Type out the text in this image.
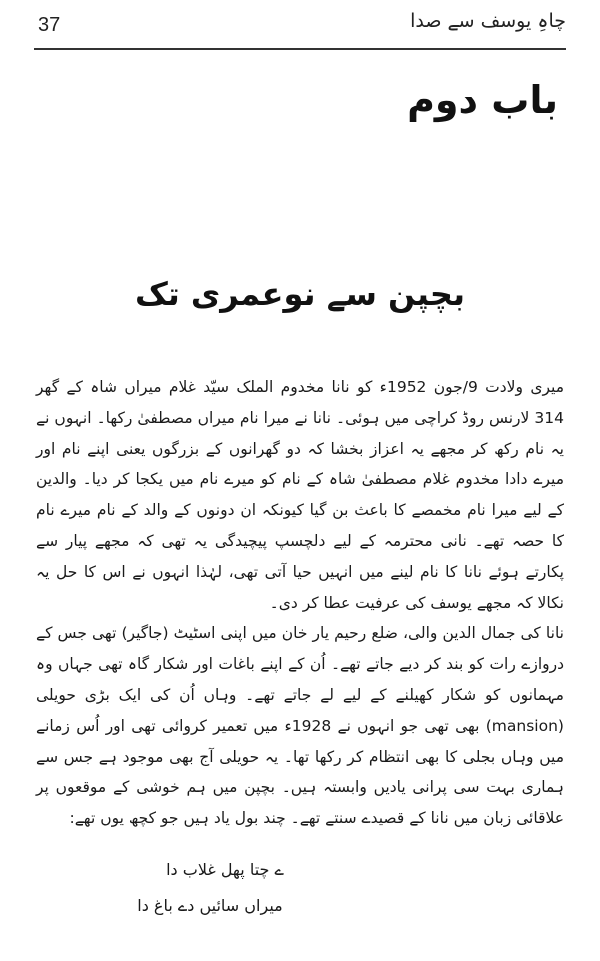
37	چاہِ یوسف سے صدا
باب دوم
بچپن سے نوعمری تک

میری ولادت 9/جون 1952ء کو نانا مخدوم الملک سیّد غلام میراں شاہ کے گھر 314 لارنس روڈ کراچی میں ہوئی۔ نانا نے میرا نام میراں مصطفیٰ رکھا۔ انہوں نے یہ نام رکھ کر مجھے یہ اعزاز بخشا کہ دو گھرانوں کے بزرگوں یعنی اپنے نام اور میرے دادا مخدوم غلام مصطفیٰ شاہ کے نام کو میرے نام میں یکجا کر دیا۔ والدین کے لیے میرا نام مخمصے کا باعث بن گیا کیونکہ ان دونوں کے والد کے نام میرے نام کا حصہ تھے۔ نانی محترمہ کے لیے دلچسپ پیچیدگی یہ تھی کہ مجھے پیار سے پکارتے ہوئے نانا کا نام لینے میں انہیں حیا آتی تھی، لہٰذا انہوں نے اس کا حل یہ نکالا کہ مجھے یوسف کی عرفیت عطا کر دی۔

نانا کی جمال الدین والی، ضلع رحیم یار خان میں اپنی اسٹیٹ (جاگیر) تھی جس کے دروازے رات کو بند کر دیے جاتے تھے۔ اُن کے اپنے باغات اور شکار گاہ تھی جہاں وہ مہمانوں کو شکار کھیلنے کے لیے لے جاتے تھے۔ وہاں اُن کی ایک بڑی حویلی (mansion) بھی تھی جو انہوں نے 1928ء میں تعمیر کروائی تھی اور اُس زمانے میں وہاں بجلی کا بھی انتظام کر رکھا تھا۔ یہ حویلی آج بھی موجود ہے جس سے ہماری بہت سی پرانی یادیں وابستہ ہیں۔ بچپن میں ہم خوشی کے موقعوں پر علاقائی زبان میں نانا کے قصیدے سنتے تھے۔ چند بول یاد ہیں جو کچھ یوں تھے:

ے چتا پھل غلاب دا
میراں سائیں دے باغ دا
